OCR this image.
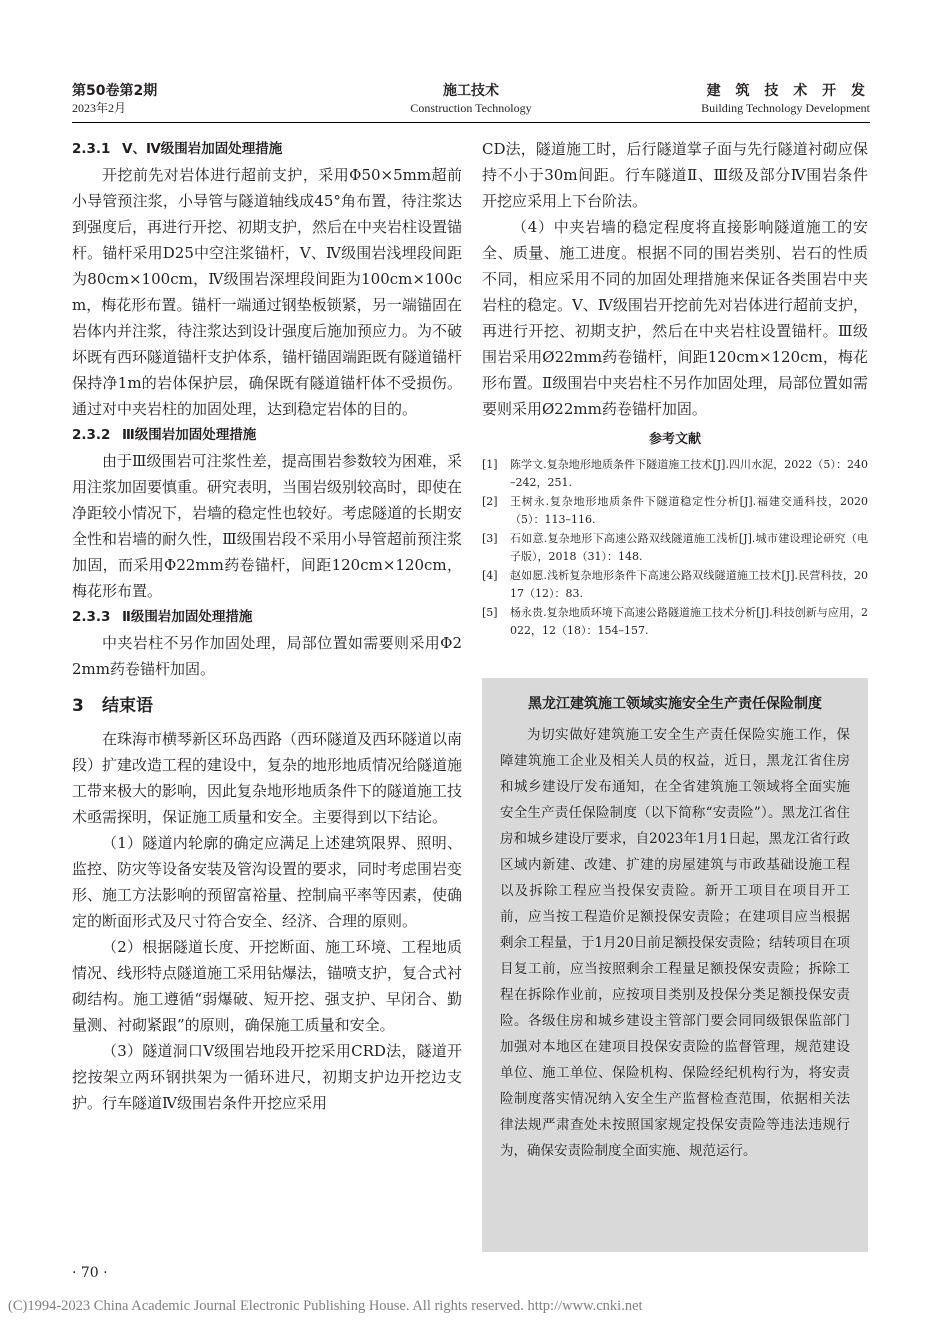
第50卷第2期
2023年2月
施工技术
Construction Technology
建 筑 技 术 开 发
Building Technology Development
2.3.1 Ⅴ、Ⅳ级围岩加固处理措施

开挖前先对岩体进行超前支护，采用Φ50×5mm超前小导管预注浆，小导管与隧道轴线成45°角布置，待注浆达到强度后，再进行开挖、初期支护，然后在中夹岩柱设置锚杆。锚杆采用D25中空注浆锚杆，Ⅴ、Ⅳ级围岩浅埋段间距为80cm×100cm，Ⅳ级围岩深埋段间距为100cm×100cm，梅花形布置。锚杆一端通过钢垫板锁紧，另一端锚固在岩体内并注浆，待注浆达到设计强度后施加预应力。为不破坏既有西环隧道锚杆支护体系，锚杆锚固端距既有隧道锚杆保持净1m的岩体保护层，确保既有隧道锚杆体不受损伤。通过对中夹岩柱的加固处理，达到稳定岩体的目的。

2.3.2 Ⅲ级围岩加固处理措施

由于Ⅲ级围岩可注浆性差，提高围岩参数较为困难，采用注浆加固要慎重。研究表明，当围岩级别较高时，即使在净距较小情况下，岩墙的稳定性也较好。考虑隧道的长期安全性和岩墙的耐久性，Ⅲ级围岩段不采用小导管超前预注浆加固，而采用Φ22mm药卷锚杆，间距120cm×120cm，梅花形布置。

2.3.3 Ⅱ级围岩加固处理措施

中夹岩柱不另作加固处理，局部位置如需要则采用Φ22mm药卷锚杆加固。

3 结束语

在珠海市横琴新区环岛西路（西环隧道及西环隧道以南段）扩建改造工程的建设中，复杂的地形地质情况给隧道施工带来极大的影响，因此复杂地形地质条件下的隧道施工技术亟需探明，保证施工质量和安全。主要得到以下结论。

（1）隧道内轮廓的确定应满足上述建筑限界、照明、监控、防灾等设备安装及管沟设置的要求，同时考虑围岩变形、施工方法影响的预留富裕量、控制扁平率等因素，使确定的断面形式及尺寸符合安全、经济、合理的原则。

（2）根据隧道长度、开挖断面、施工环境、工程地质情况、线形特点隧道施工采用钻爆法，锚喷支护，复合式衬砌结构。施工遵循“弱爆破、短开挖、强支护、早闭合、勤量测、衬砌紧跟”的原则，确保施工质量和安全。

（3）隧道洞口Ⅴ级围岩地段开挖采用CRD法，隧道开挖按架立两环钢拱架为一循环进尺，初期支护边开挖边支护。行车隧道Ⅳ级围岩条件开挖应采用

CD法，隧道施工时，后行隧道掌子面与先行隧道衬砌应保持不小于30m间距。行车隧道Ⅱ、Ⅲ级及部分Ⅳ围岩条件开挖应采用上下台阶法。

（4）中夹岩墙的稳定程度将直接影响隧道施工的安全、质量、施工进度。根据不同的围岩类别、岩石的性质不同，相应采用不同的加固处理措施来保证各类围岩中夹岩柱的稳定。Ⅴ、Ⅳ级围岩开挖前先对岩体进行超前支护，再进行开挖、初期支护，然后在中夹岩柱设置锚杆。Ⅲ级围岩采用Ø22mm药卷锚杆，间距120cm×120cm，梅花形布置。Ⅱ级围岩中夹岩柱不另作加固处理，局部位置如需要则采用Ø22mm药卷锚杆加固。

参考文献
[1]	陈学文.复杂地形地质条件下隧道施工技术[J].四川水泥，2022（5）：240–242，251.
[2]	王树永.复杂地形地质条件下隧道稳定性分析[J].福建交通科技，2020（5）：113–116.
[3]	石如意.复杂地形下高速公路双线隧道施工浅析[J].城市建设理论研究（电子版），2018（31）：148.
[4]	赵如愿.浅析复杂地形条件下高速公路双线隧道施工技术[J].民营科技，2017（12）：83.
[5]	杨永贵.复杂地质环境下高速公路隧道施工技术分析[J].科技创新与应用，2022，12（18）：154–157.
黑龙江建筑施工领域实施安全生产责任保险制度

为切实做好建筑施工安全生产责任保险实施工作，保障建筑施工企业及相关人员的权益，近日，黑龙江省住房和城乡建设厅发布通知，在全省建筑施工领域将全面实施安全生产责任保险制度（以下简称“安责险”）。黑龙江省住房和城乡建设厅要求，自2023年1月1日起，黑龙江省行政区域内新建、改建、扩建的房屋建筑与市政基础设施工程以及拆除工程应当投保安责险。新开工项目在项目开工前，应当按工程造价足额投保安责险；在建项目应当根据剩余工程量，于1月20日前足额投保安责险；结转项目在项目复工前，应当按照剩余工程量足额投保安责险；拆除工程在拆除作业前，应按项目类别及投保分类足额投保安责险。各级住房和城乡建设主管部门要会同同级银保监部门加强对本地区在建项目投保安责险的监督管理，规范建设单位、施工单位、保险机构、保险经纪机构行为，将安责险制度落实情况纳入安全生产监督检查范围，依据相关法律法规严肃查处未按照国家规定投保安责险等违法违规行为，确保安责险制度全面实施、规范运行。

· 70 ·
(C)1994-2023 China Academic Journal Electronic Publishing House. All rights reserved. http://www.cnki.net
